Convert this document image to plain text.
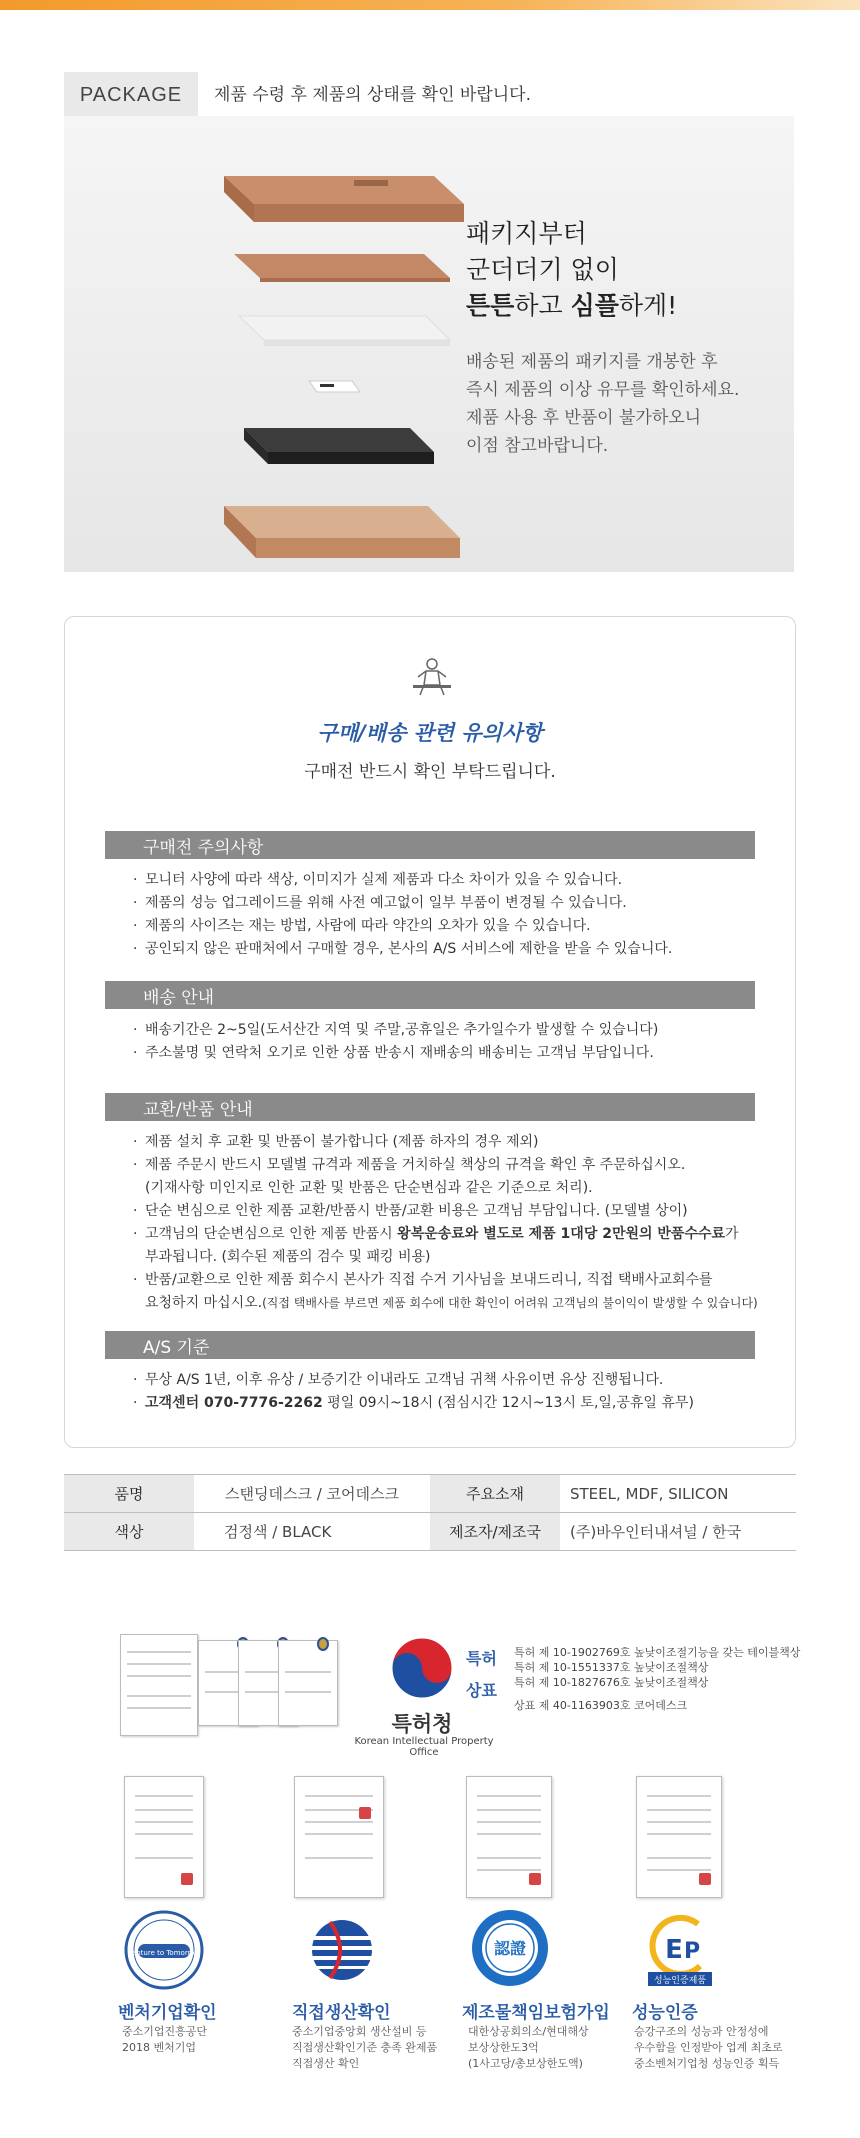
PACKAGE	제품 수령 후 제품의 상태를 확인 바랍니다.
패키지부터
군더더기 없이
튼튼하고 심플하게!
배송된 제품의 패키지를 개봉한 후
즉시 제품의 이상 유무를 확인하세요.
제품 사용 후 반품이 불가하오니
이점 참고바랍니다.
구매/배송 관련 유의사항
구매전 반드시 확인 부탁드립니다.
구매전 주의사항
· 모니터 사양에 따라 색상, 이미지가 실제 제품과 다소 차이가 있을 수 있습니다.
· 제품의 성능 업그레이드를 위해 사전 예고없이 일부 부품이 변경될 수 있습니다.
· 제품의 사이즈는 재는 방법, 사람에 따라 약간의 오차가 있을 수 있습니다.
· 공인되지 않은 판매처에서 구매할 경우, 본사의 A/S 서비스에 제한을 받을 수 있습니다.
배송 안내
· 배송기간은 2~5일(도서산간 지역 및 주말,공휴일은 추가일수가 발생할 수 있습니다)
· 주소불명 및 연락처 오기로 인한 상품 반송시 재배송의 배송비는 고객님 부담입니다.
교환/반품 안내
· 제품 설치 후 교환 및 반품이 불가합니다 (제품 하자의 경우 제외)
· 제품 주문시 반드시 모델별 규격과 제품을 거치하실 책상의 규격을 확인 후 주문하십시오.
(기재사항 미인지로 인한 교환 및 반품은 단순변심과 같은 기준으로 처리).
· 단순 변심으로 인한 제품 교환/반품시 반품/교환 비용은 고객님 부담입니다. (모델별 상이)
· 고객님의 단순변심으로 인한 제품 반품시 왕복운송료와 별도로 제품 1대당 2만원의 반품수수료가
부과됩니다. (회수된 제품의 검수 및 패킹 비용)
· 반품/교환으로 인한 제품 회수시 본사가 직접 수거 기사님을 보내드리니, 직접 택배사교회수를
요청하지 마십시오.(직접 택배사를 부르면 제품 회수에 대한 확인이 어려워 고객님의 불이익이 발생할 수 있습니다)
A/S 기준
· 무상 A/S 1년, 이후 유상 / 보증기간 이내라도 고객님 귀책 사유이면 유상 진행됩니다.
· 고객센터 070-7776-2262 평일 09시~18시 (점심시간 12시~13시 토,일,공휴일 휴무)
품명	스탠딩데스크 / 코어데스크	주요소재	STEEL, MDF, SILICON
색상	검정색 / BLACK	제조자/제조국	(주)바우인터내셔널 / 한국
특허청
Korean Intellectual Property Office
특허
상표
특허 제 10-1902769호 높낮이조절기능을 갖는 테이블책상
특허 제 10-1551337호 높낮이조절책상
특허 제 10-1827676호 높낮이조절책상
상표 제 40-1163903호 코어데스크
Venture to Tomorrow
벤처기업확인
중소기업진흥공단
2018 벤처기업
직접생산확인
중소기업중앙회 생산설비 등
직접생산확인기준 충족 완제품
직접생산 확인
認證
제조물책임보험가입
대한상공회의소/현대해상
보상상한도3억
(1사고당/총보상한도액)
E P
성능인증제품
성능인증
승강구조의 성능과 안정성에
우수함을 인정받아 업계 최초로
중소벤처기업청 성능인증 획득
